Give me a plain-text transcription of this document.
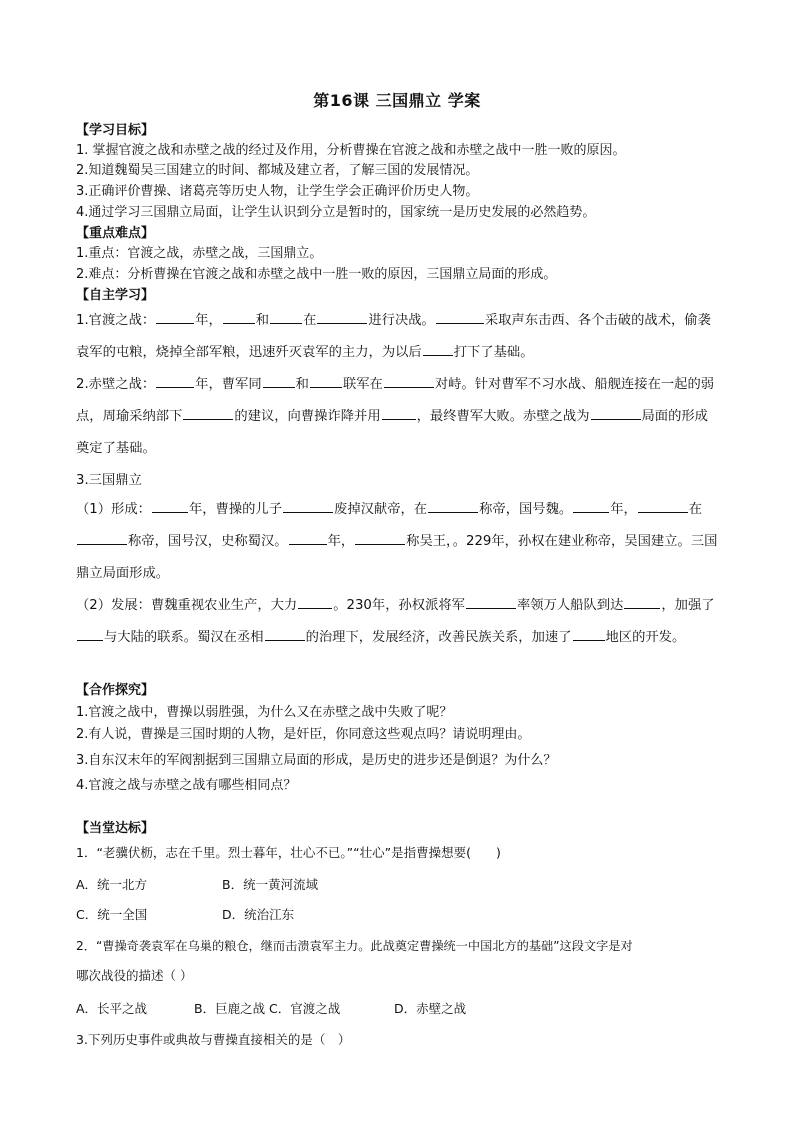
第16课 三国鼎立 学案
【学习目标】
1. 掌握官渡之战和赤壁之战的经过及作用，分析曹操在官渡之战和赤壁之战中一胜一败的原因。
2.知道魏蜀吴三国建立的时间、都城及建立者，了解三国的发展情况。
3.正确评价曹操、诸葛亮等历史人物，让学生学会正确评价历史人物。
4.通过学习三国鼎立局面，让学生认识到分立是暂时的，国家统一是历史发展的必然趋势。
【重点难点】
1.重点：官渡之战，赤壁之战，三国鼎立。
2.难点：分析曹操在官渡之战和赤壁之战中一胜一败的原因，三国鼎立局面的形成。
【自主学习】
1.官渡之战：	年，	和	在	进行决战。	采取声东击西、各个击破的战术，偷袭袁军的屯粮，烧掉全部军粮，迅速歼灭袁军的主力，为以后 打下了基础。
2.赤壁之战：	年，曹军同	和	联军在	对峙。针对曹军不习水战、船舰连接在一起的弱点，周瑜采纳部下	的建议，向曹操诈降并用	，最终曹军大败。赤壁之战为	局面的形成奠定了基础。
3.三国鼎立
（1）形成：	年，曹操的儿子	废掉汉献帝，在	称帝，国号魏。	年，	在称帝，国号汉，史称蜀汉。	年，	称吴王，。229年，孙权在建业称帝，吴国建立。三国鼎立局面形成。
（2）发展：曹魏重视农业生产，大力	。230年，孙权派将军	率领万人船队到达	，加强了与大陆的联系。蜀汉在丞相	的治理下，发展经济，改善民族关系，加速了	地区的开发。
【合作探究】
1.官渡之战中，曹操以弱胜强，为什么又在赤壁之战中失败了呢？
2.有人说，曹操是三国时期的人物，是奸臣，你同意这些观点吗？请说明理由。
3.自东汉末年的军阀割据到三国鼎立局面的形成，是历史的进步还是倒退？为什么？
4.官渡之战与赤壁之战有哪些相同点？
【当堂达标】
1．“老骥伏枥，志在千里。烈士暮年，壮心不已。”“壮心”是指曹操想要(　　)
A．统一北方	B．统一黄河流域
C．统一全国	D．统治江东
2．“曹操奇袭袁军在乌巢的粮仓，继而击溃袁军主力。此战奠定曹操统一中国北方的基础”这段文字是对
哪次战役的描述（ ）
A．长平之战	B．巨鹿之战 C．官渡之战	D．赤壁之战
3.下列历史事件或典故与曹操直接相关的是（　）
